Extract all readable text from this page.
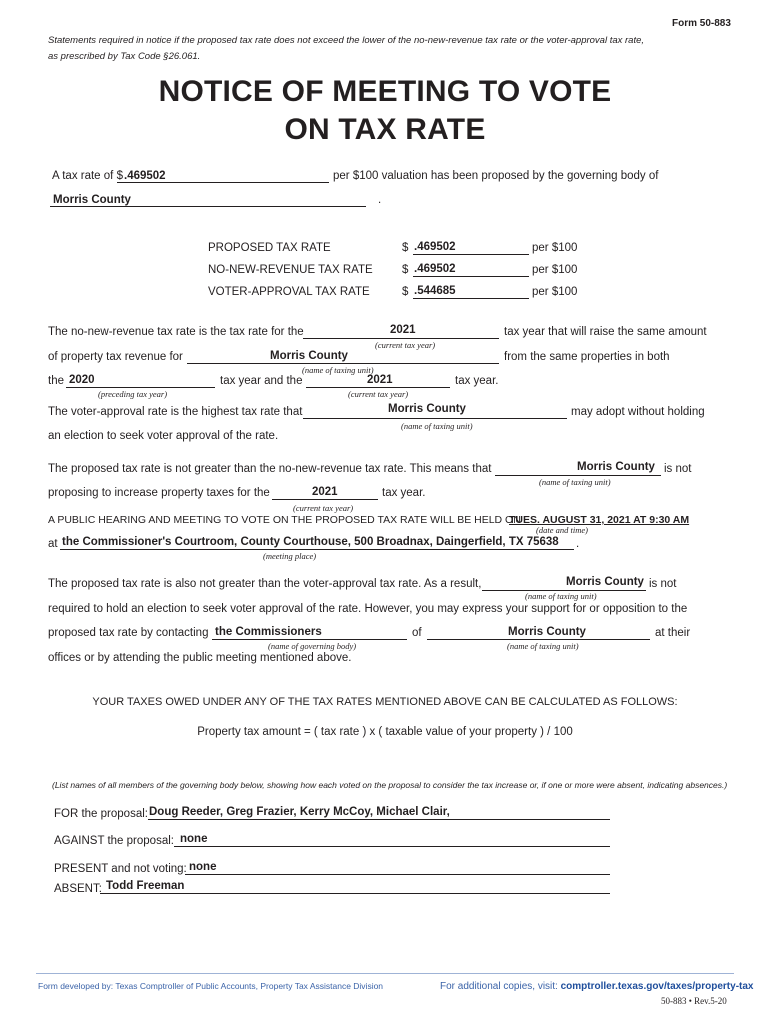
Form 50-883
Statements required in notice if the proposed tax rate does not exceed the lower of the no-new-revenue tax rate or the voter-approval tax rate,
as prescribed by Tax Code §26.061.
NOTICE OF MEETING TO VOTE
ON TAX RATE
A tax rate of $ .469502	per $100 valuation has been proposed by the governing body of
Morris County	.
PROPOSED TAX RATE	$ .469502	per $100
NO-NEW-REVENUE TAX RATE	$ .469502	per $100
VOTER-APPROVAL TAX RATE	$ .544685	per $100
The no-new-revenue tax rate is the tax rate for the	2021
(current tax year)
tax year that will raise the same amount
of property tax revenue for	Morris County
(name of taxing unit)
from the same properties in both
the 2020
(preceding tax year)
tax year and the	2021
(current tax year)
tax year.
The voter-approval rate is the highest tax rate that	Morris County
(name of taxing unit)
may adopt without holding
an election to seek voter approval of the rate.
The proposed tax rate is not greater than the no-new-revenue tax rate. This means that	Morris County is not
(name of taxing unit)
proposing to increase property taxes for the	2021	tax year.
(current tax year)
A PUBLIC HEARING AND MEETING TO VOTE ON THE PROPOSED TAX RATE WILL BE HELD ON
TUES. AUGUST 31, 2021 AT 9:30 AM
(date and time)
at the Commissioner's Courtroom, County Courthouse, 500 Broadnax, Daingerfield, TX 75638 .
(meeting place)
The proposed tax rate is also not greater than the voter-approval tax rate. As a result,	Morris County is not
(name of taxing unit)
required to hold an election to seek voter approval of the rate. However, you may express your support for or opposition to the
proposed tax rate by contacting the Commissioners	of	Morris County	at their
(name of governing body)	(name of taxing unit)
offices or by attending the public meeting mentioned above.
YOUR TAXES OWED UNDER ANY OF THE TAX RATES MENTIONED ABOVE CAN BE CALCULATED AS FOLLOWS:
Property tax amount = ( tax rate ) x ( taxable value of your property ) / 100
(List names of all members of the governing body below, showing how each voted on the proposal to consider the tax increase or, if one or more were absent, indicating absences.)
FOR the proposal: Doug Reeder, Greg Frazier, Kerry McCoy, Michael Clair,
AGAINST the proposal: none
PRESENT and not voting: none
ABSENT: Todd Freeman
Form developed by: Texas Comptroller of Public Accounts, Property Tax Assistance Division	For additional copies, visit: comptroller.texas.gov/taxes/property-tax
50-883 • Rev.5-20
